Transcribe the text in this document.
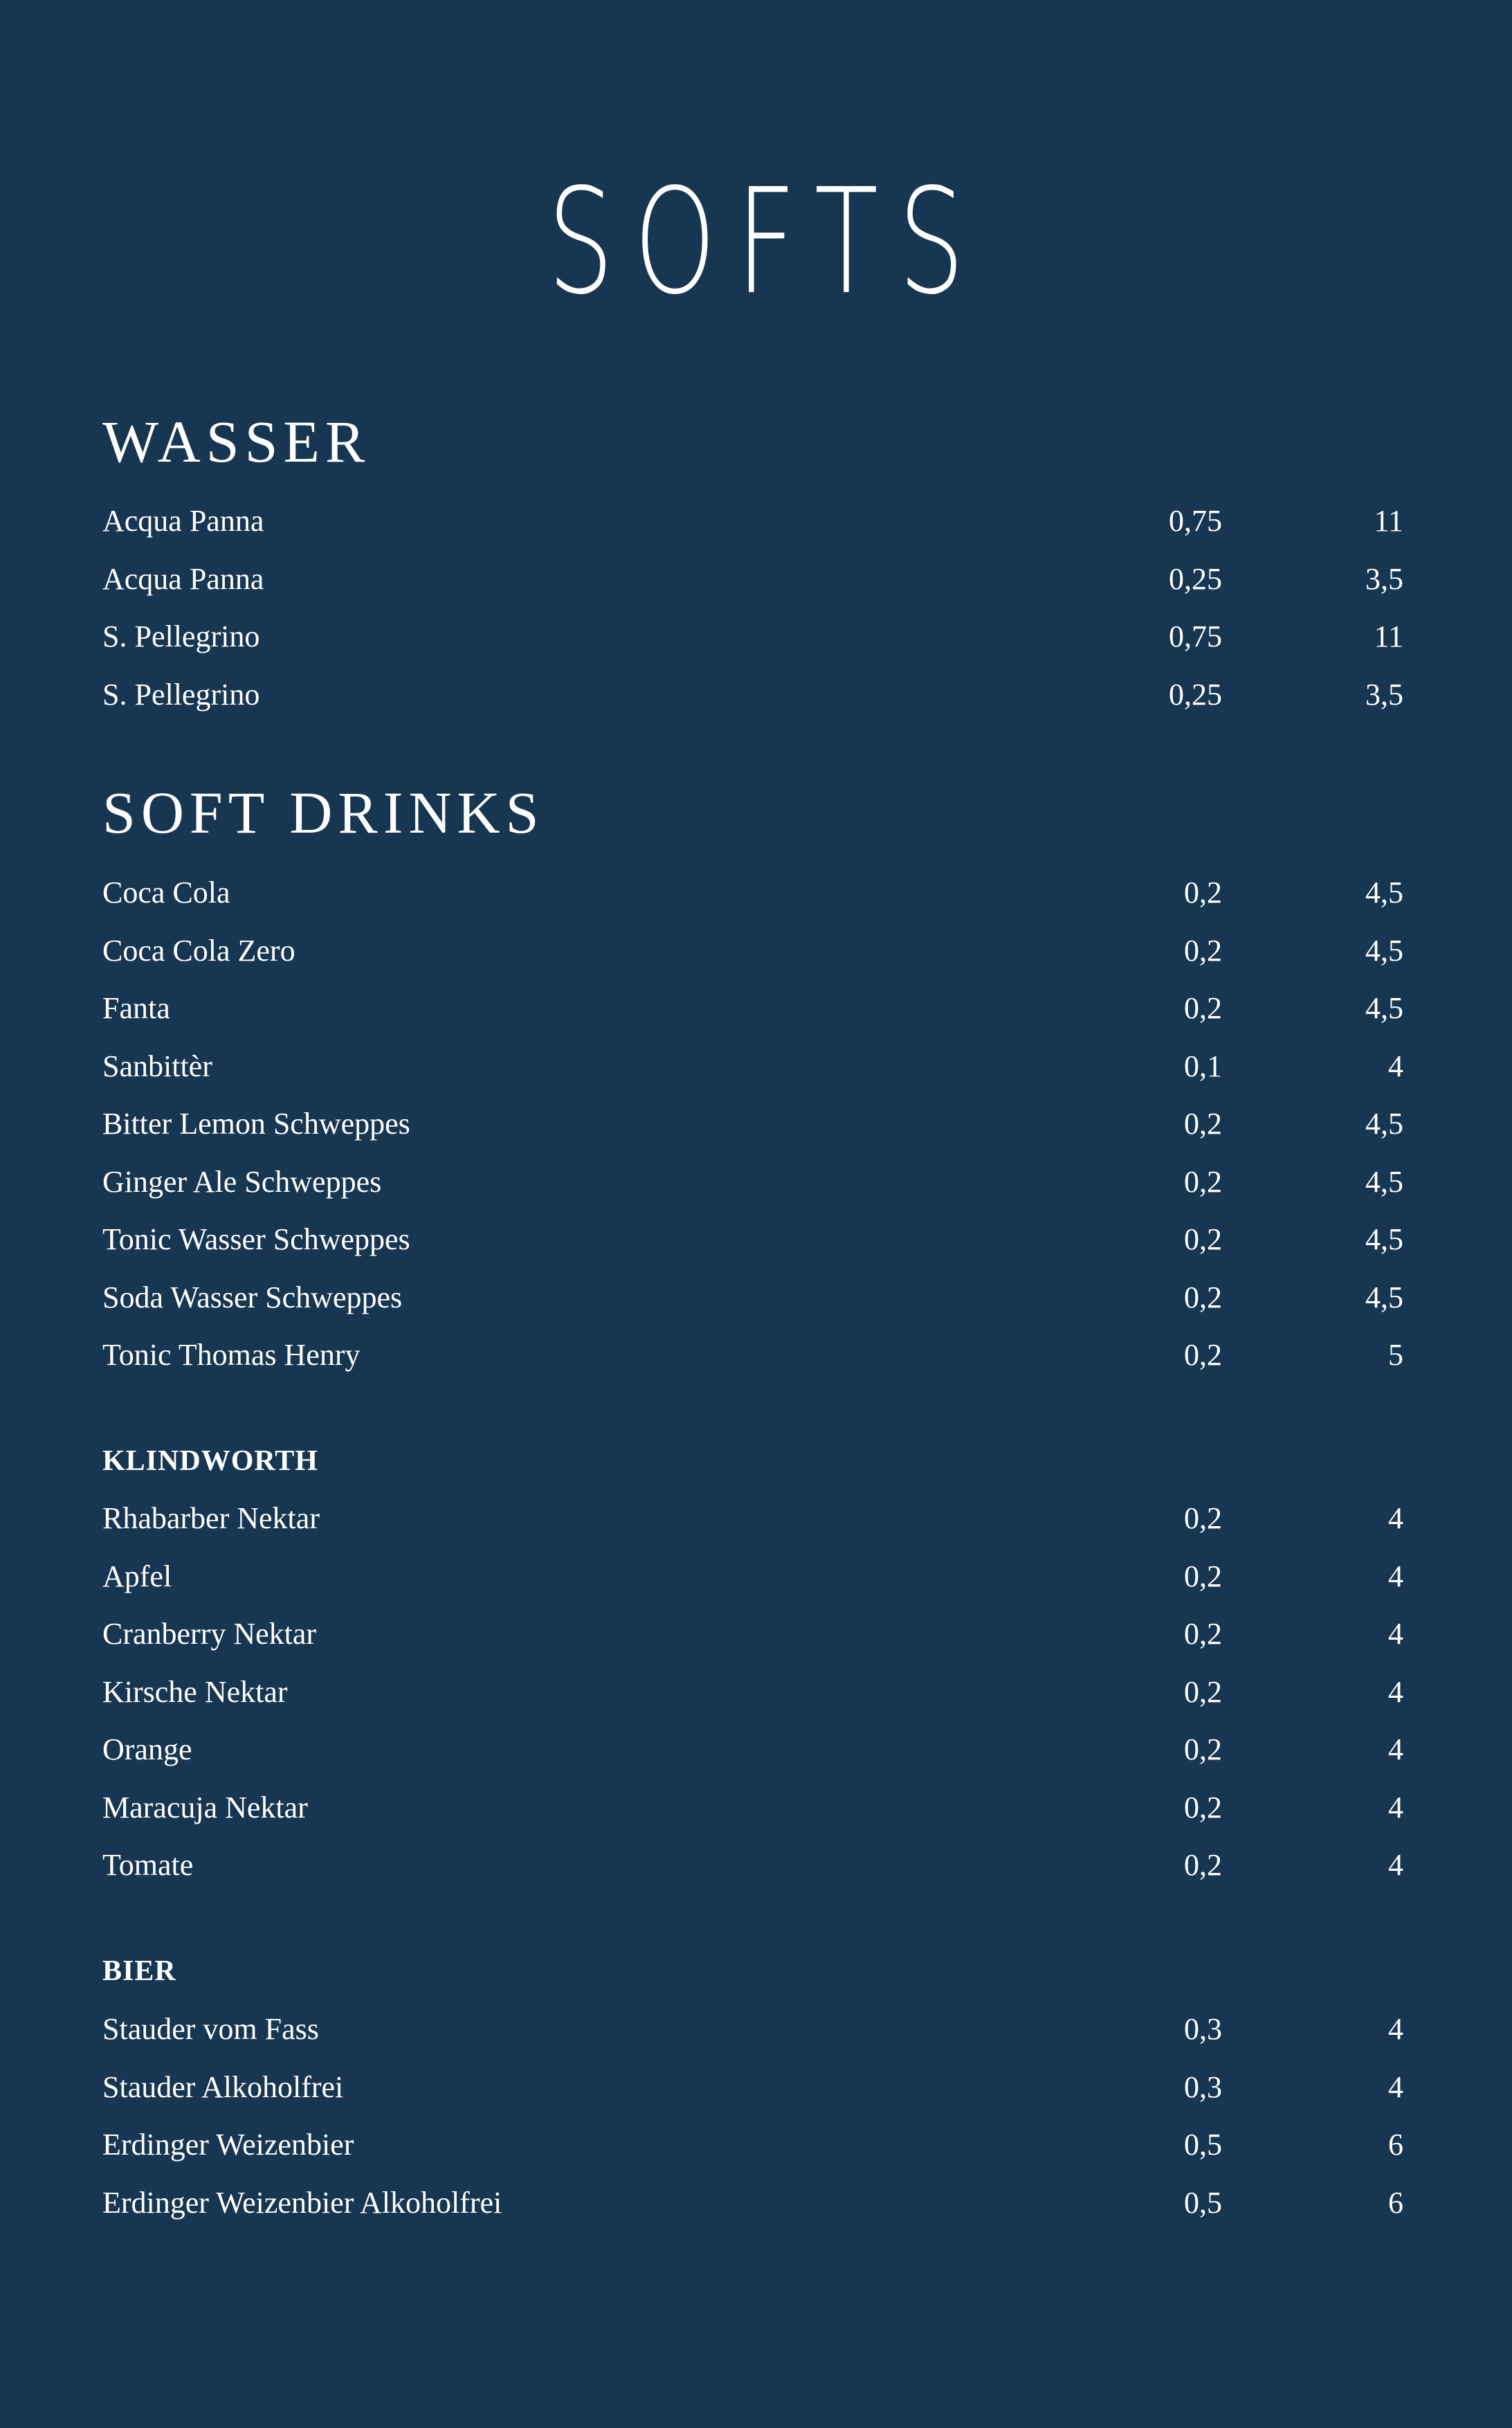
SOFTS
WASSER
Acqua Panna	0,75	11
Acqua Panna	0,25	3,5
S. Pellegrino	0,75	11
S. Pellegrino	0,25	3,5
SOFT DRINKS
Coca Cola	0,2	4,5
Coca Cola Zero	0,2	4,5
Fanta	0,2	4,5
Sanbittèr	0,1	4
Bitter Lemon Schweppes	0,2	4,5
Ginger Ale Schweppes	0,2	4,5
Tonic Wasser Schweppes	0,2	4,5
Soda Wasser Schweppes	0,2	4,5
Tonic Thomas Henry	0,2	5
KLINDWORTH
Rhabarber Nektar	0,2	4
Apfel	0,2	4
Cranberry Nektar	0,2	4
Kirsche Nektar	0,2	4
Orange	0,2	4
Maracuja Nektar	0,2	4
Tomate	0,2	4
BIER
Stauder vom Fass	0,3	4
Stauder Alkoholfrei	0,3	4
Erdinger Weizenbier	0,5	6
Erdinger Weizenbier Alkoholfrei	0,5	6
